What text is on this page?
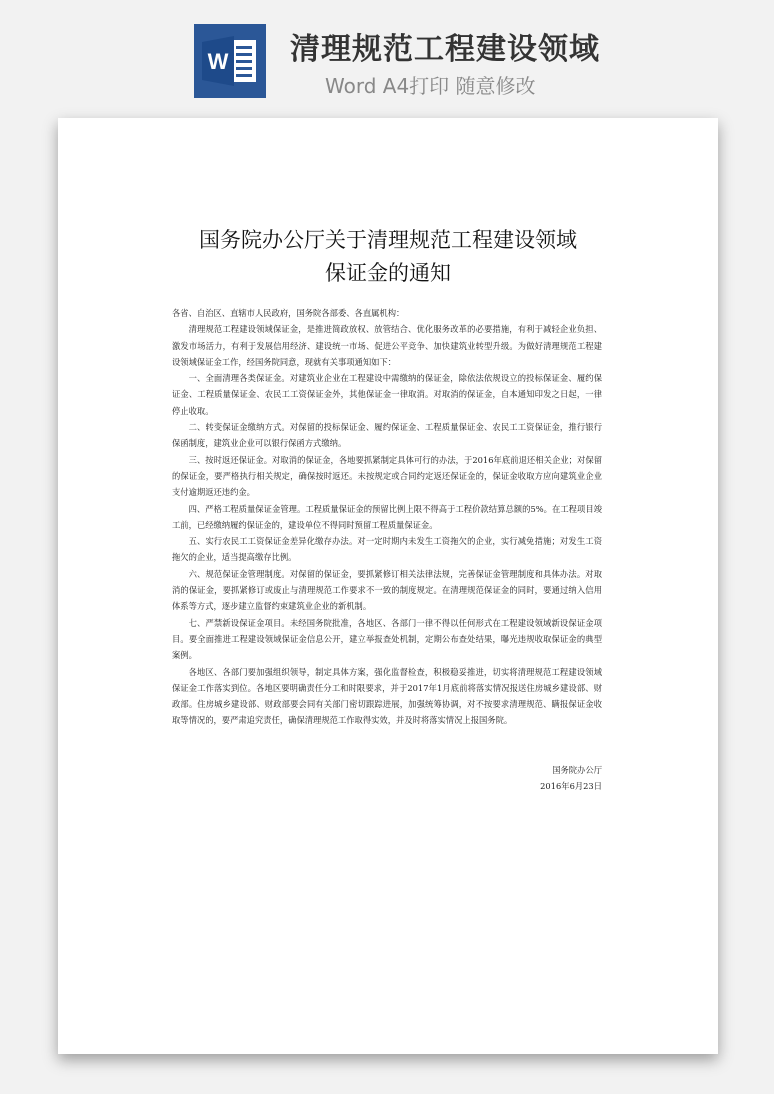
W 清理规范工程建设领域
Word A4打印 随意修改
国务院办公厅关于清理规范工程建设领域
保证金的通知

各省、自治区、直辖市人民政府，国务院各部委、各直属机构：

清理规范工程建设领域保证金，是推进简政放权、放管结合、优化服务改革的必要措施，有利于减轻企业负担、激发市场活力，有利于发展信用经济、建设统一市场、促进公平竞争、加快建筑业转型升级。为做好清理规范工程建设领域保证金工作，经国务院同意，现就有关事项通知如下：

一、全面清理各类保证金。对建筑业企业在工程建设中需缴纳的保证金，除依法依规设立的投标保证金、履约保证金、工程质量保证金、农民工工资保证金外，其他保证金一律取消。对取消的保证金，自本通知印发之日起，一律停止收取。

二、转变保证金缴纳方式。对保留的投标保证金、履约保证金、工程质量保证金、农民工工资保证金，推行银行保函制度，建筑业企业可以银行保函方式缴纳。

三、按时返还保证金。对取消的保证金，各地要抓紧制定具体可行的办法，于2016年底前退还相关企业；对保留的保证金，要严格执行相关规定，确保按时返还。未按规定或合同约定返还保证金的，保证金收取方应向建筑业企业支付逾期返还违约金。

四、严格工程质量保证金管理。工程质量保证金的预留比例上限不得高于工程价款结算总额的5%。在工程项目竣工前，已经缴纳履约保证金的，建设单位不得同时预留工程质量保证金。

五、实行农民工工资保证金差异化缴存办法。对一定时期内未发生工资拖欠的企业，实行减免措施；对发生工资拖欠的企业，适当提高缴存比例。

六、规范保证金管理制度。对保留的保证金，要抓紧修订相关法律法规，完善保证金管理制度和具体办法。对取消的保证金，要抓紧修订或废止与清理规范工作要求不一致的制度规定。在清理规范保证金的同时，要通过纳入信用体系等方式，逐步建立监督约束建筑业企业的新机制。

七、严禁新设保证金项目。未经国务院批准，各地区、各部门一律不得以任何形式在工程建设领域新设保证金项目。要全面推进工程建设领域保证金信息公开，建立举报查处机制，定期公布查处结果，曝光违规收取保证金的典型案例。

各地区、各部门要加强组织领导，制定具体方案，强化监督检查，积极稳妥推进，切实将清理规范工程建设领域保证金工作落实到位。各地区要明确责任分工和时限要求，并于2017年1月底前将落实情况报送住房城乡建设部、财政部。住房城乡建设部、财政部要会同有关部门密切跟踪进展，加强统筹协调，对不按要求清理规范、瞒报保证金收取等情况的，要严肃追究责任，确保清理规范工作取得实效，并及时将落实情况上报国务院。

国务院办公厅
2016年6月23日
